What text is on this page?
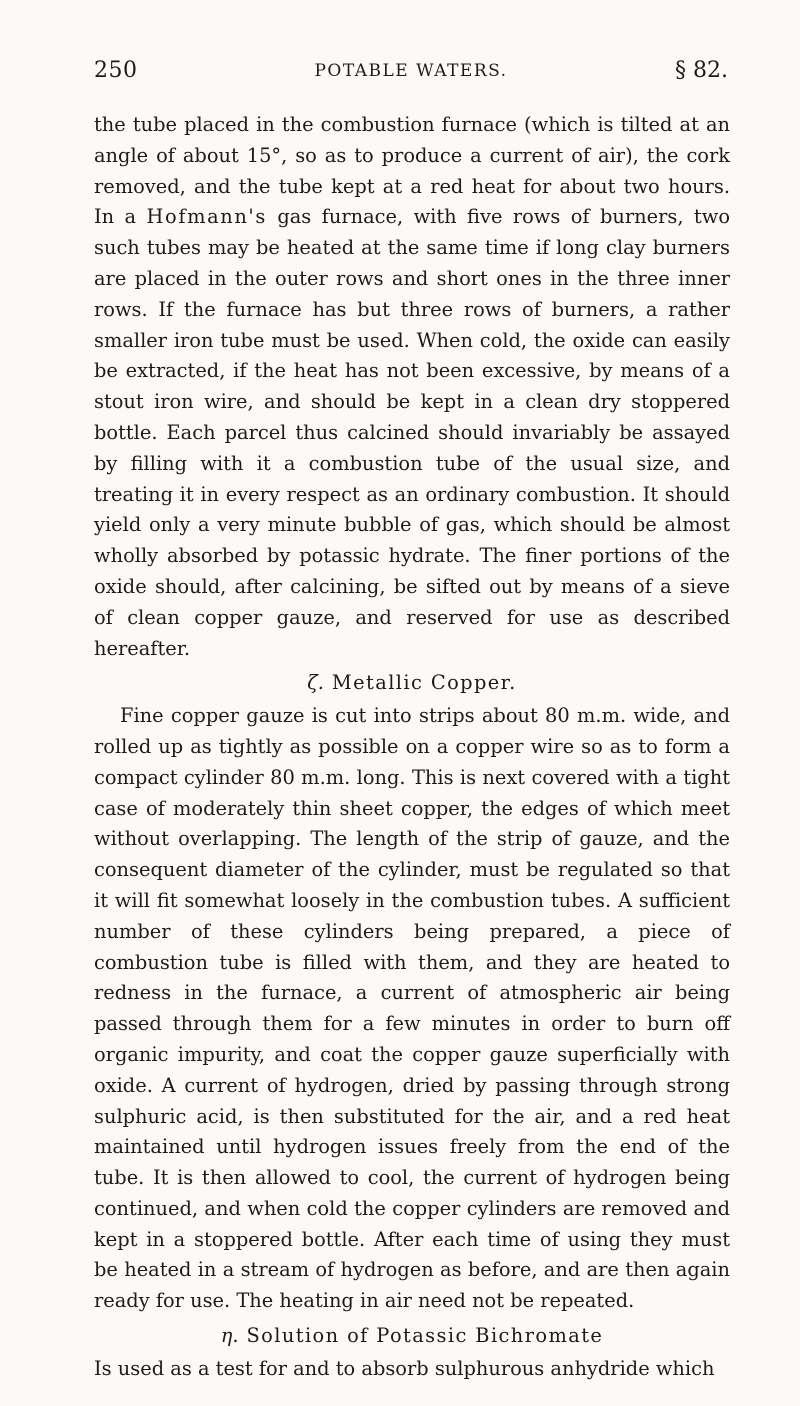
250	POTABLE WATERS.	§ 82.

the tube placed in the combustion furnace (which is tilted at an angle of about 15°, so as to produce a current of air), the cork removed, and the tube kept at a red heat for about two hours. In a Hofmann's gas furnace, with five rows of burners, two such tubes may be heated at the same time if long clay burners are placed in the outer rows and short ones in the three inner rows. If the furnace has but three rows of burners, a rather smaller iron tube must be used. When cold, the oxide can easily be extracted, if the heat has not been excessive, by means of a stout iron wire, and should be kept in a clean dry stoppered bottle. Each parcel thus calcined should invariably be assayed by filling with it a combustion tube of the usual size, and treating it in every respect as an ordinary combustion. It should yield only a very minute bubble of gas, which should be almost wholly absorbed by potassic hydrate. The finer portions of the oxide should, after calcining, be sifted out by means of a sieve of clean copper gauze, and reserved for use as described hereafter.

ζ. Metallic Copper.

Fine copper gauze is cut into strips about 80 m.m. wide, and rolled up as tightly as possible on a copper wire so as to form a compact cylinder 80 m.m. long. This is next covered with a tight case of moderately thin sheet copper, the edges of which meet without overlapping. The length of the strip of gauze, and the consequent diameter of the cylinder, must be regulated so that it will fit somewhat loosely in the combustion tubes. A sufficient number of these cylinders being prepared, a piece of combustion tube is filled with them, and they are heated to redness in the furnace, a current of atmospheric air being passed through them for a few minutes in order to burn off organic impurity, and coat the copper gauze superficially with oxide. A current of hydrogen, dried by passing through strong sulphuric acid, is then substituted for the air, and a red heat maintained until hydrogen issues freely from the end of the tube. It is then allowed to cool, the current of hydrogen being continued, and when cold the copper cylinders are removed and kept in a stoppered bottle. After each time of using they must be heated in a stream of hydrogen as before, and are then again ready for use. The heating in air need not be repeated.

η. Solution of Potassic Bichromate

Is used as a test for and to absorb sulphurous anhydride which
